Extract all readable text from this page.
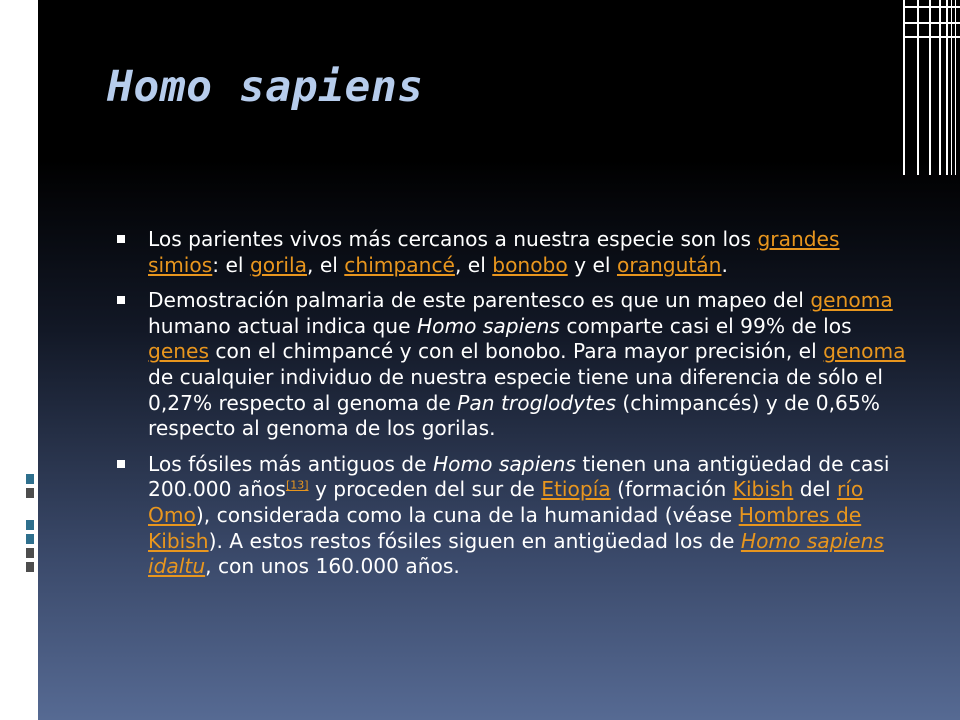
Homo sapiens
Los parientes vivos más cercanos a nuestra especie son los grandes simios: el gorila, el chimpancé, el bonobo y el orangután.
Demostración palmaria de este parentesco es que un mapeo del genoma humano actual indica que Homo sapiens comparte casi el 99% de los genes con el chimpancé y con el bonobo. Para mayor precisión, el genoma de cualquier individuo de nuestra especie tiene una diferencia de sólo el 0,27% respecto al genoma de Pan troglodytes (chimpancés) y de 0,65% respecto al genoma de los gorilas.
Los fósiles más antiguos de Homo sapiens tienen una antigüedad de casi 200.000 años[13] y proceden del sur de Etiopía (formación Kibish del río Omo), considerada como la cuna de la humanidad (véase Hombres de Kibish). A estos restos fósiles siguen en antigüedad los de Homo sapiens idaltu, con unos 160.000 años.
